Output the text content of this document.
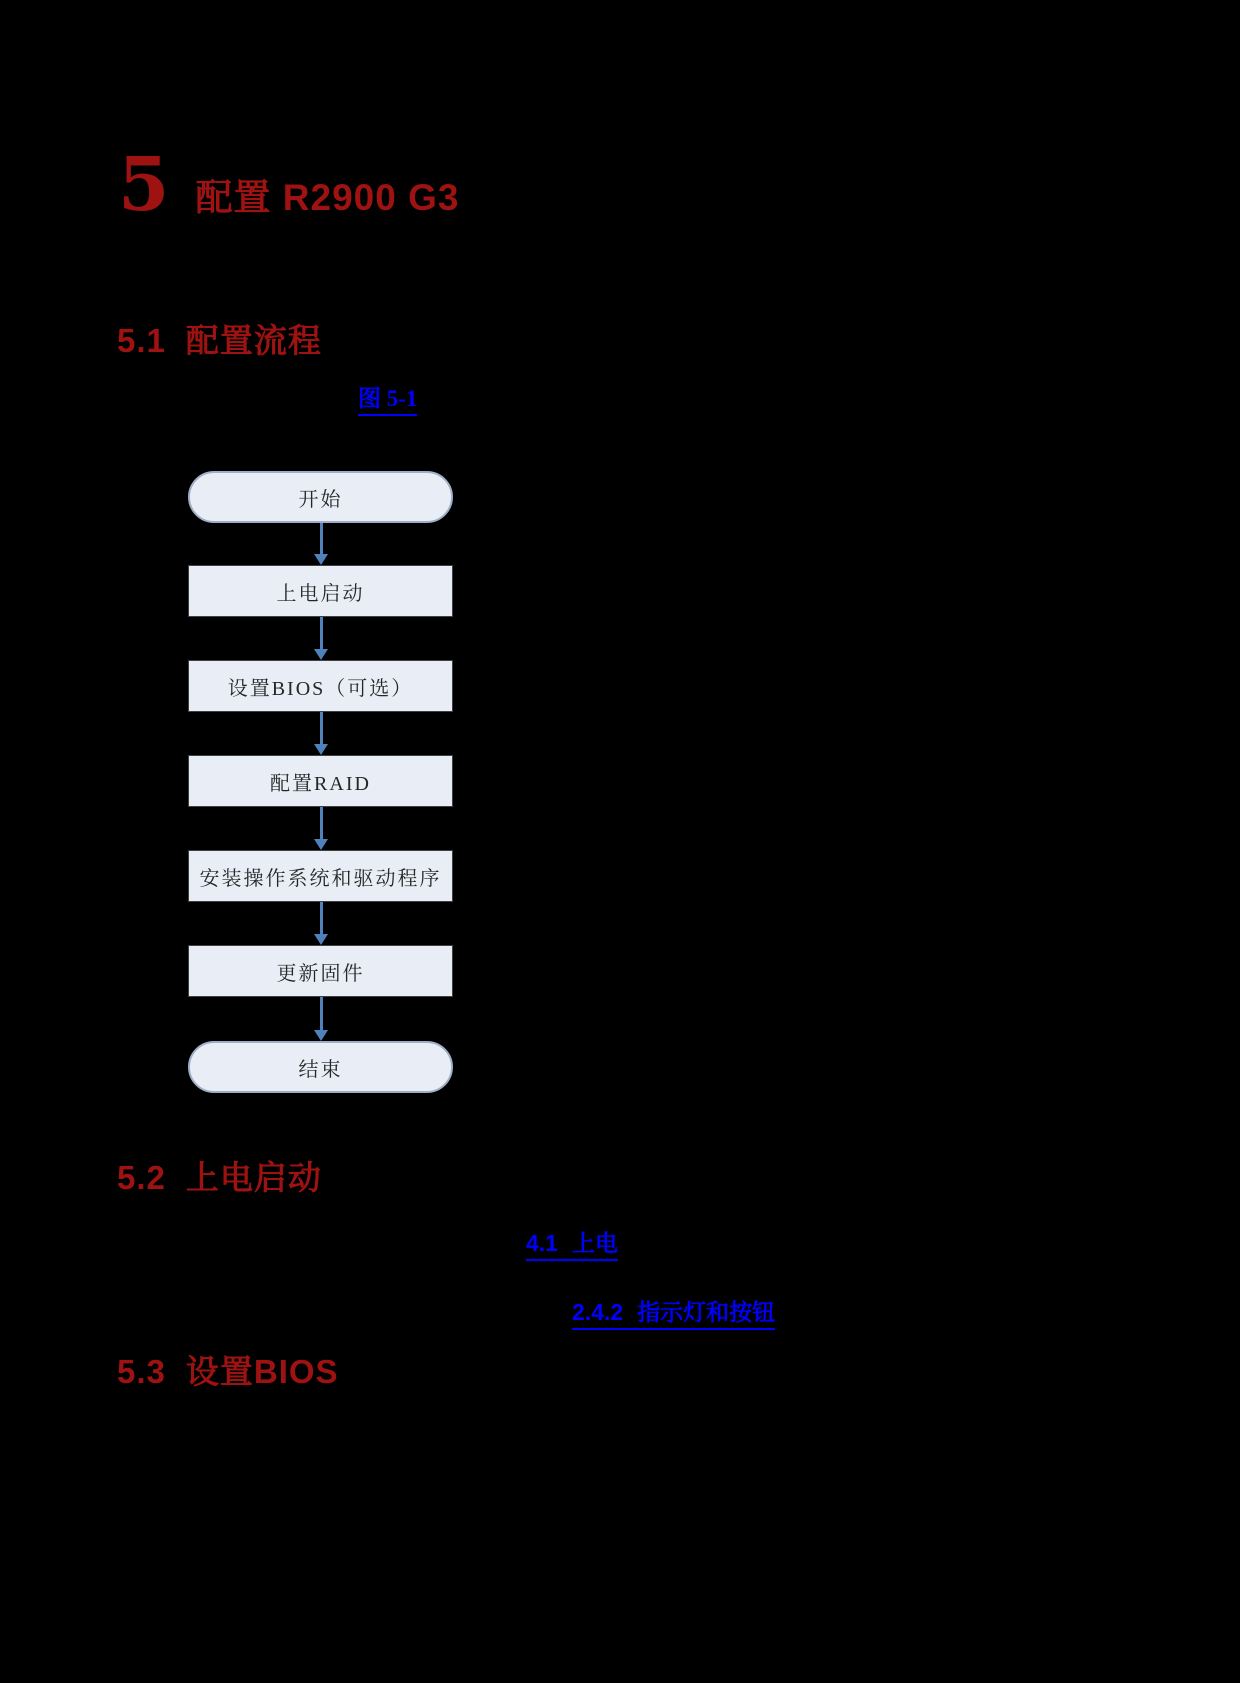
5 配置 R2900 G3
5.1 配置流程
图 5-1
开始
上电启动
设置BIOS（可选）
配置RAID
安装操作系统和驱动程序
更新固件
结束
5.2 上电启动
4.1 上电
2.4.2 指示灯和按钮
5.3 设置BIOS
